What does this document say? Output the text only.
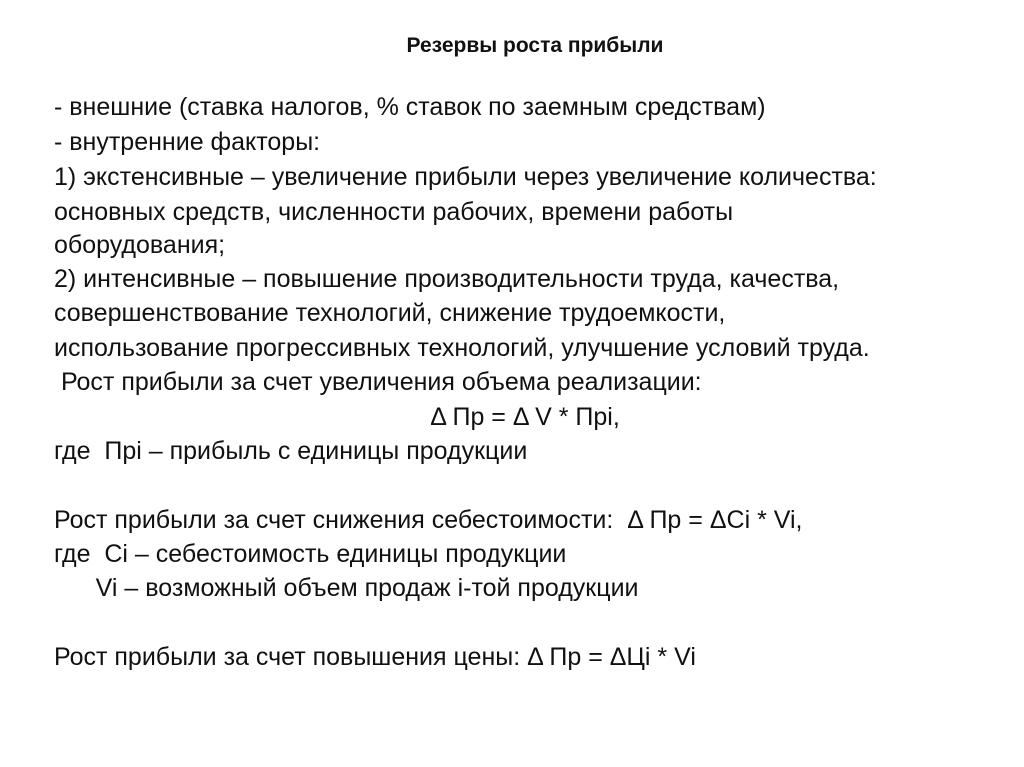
Резервы роста прибыли
- внешние (ставка налогов, % ставок по заемным средствам)
- внутренние факторы:
1) экстенсивные – увеличение прибыли через увеличение количества:
основных средств, численности рабочих, времени работы
оборудования;
2) интенсивные – повышение производительности труда, качества,
совершенствование технологий, снижение трудоемкости,
использование прогрессивных технологий, улучшение условий труда.
Рост прибыли за счет увеличения объема реализации:
Δ Пр = Δ V * Прi,
где  Прi – прибыль с единицы продукции
Рост прибыли за счет снижения себестоимости:  Δ Пр = ΔCi * Vi,
где  Ci – себестоимость единицы продукции
Vi – возможный объем продаж i-той продукции
Рост прибыли за счет повышения цены: Δ Пр = ΔЦi * Vi
